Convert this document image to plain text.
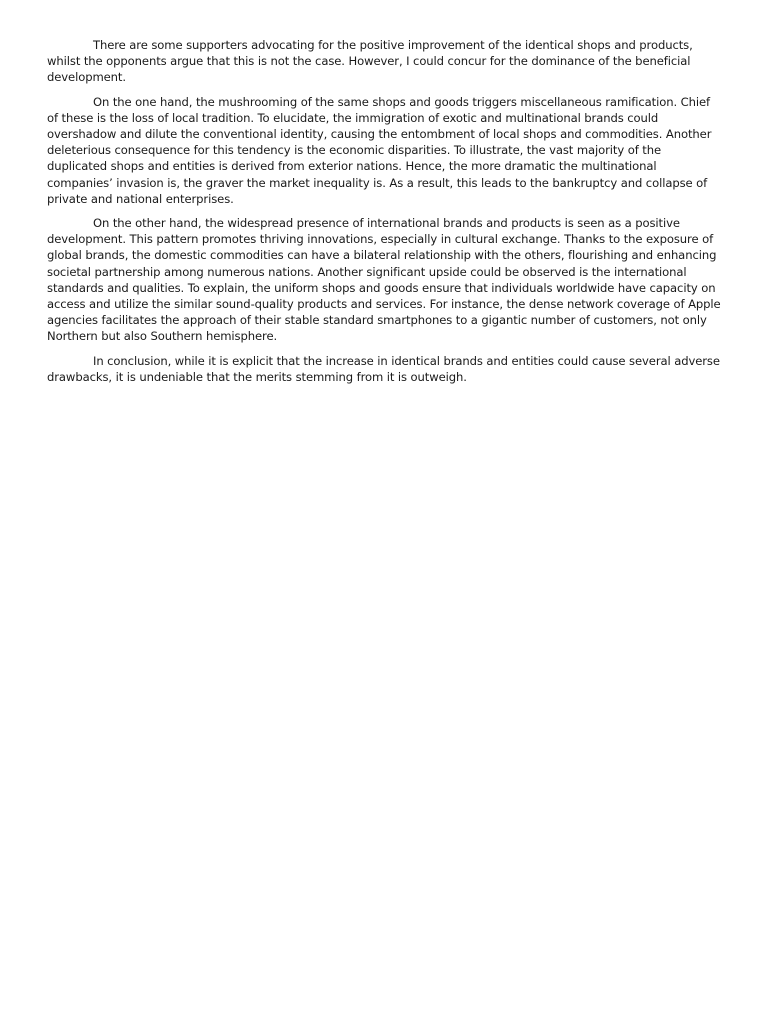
There are some supporters advocating for the positive improvement of the identical shops and products, whilst the opponents argue that this is not the case. However, I could concur for the dominance of the beneficial development.

On the one hand, the mushrooming of the same shops and goods triggers miscellaneous ramification. Chief of these is the loss of local tradition. To elucidate, the immigration of exotic and multinational brands could overshadow and dilute the conventional identity, causing the entombment of local shops and commodities. Another deleterious consequence for this tendency is the economic disparities. To illustrate, the vast majority of the duplicated shops and entities is derived from exterior nations. Hence, the more dramatic the multinational companies’ invasion is, the graver the market inequality is. As a result, this leads to the bankruptcy and collapse of private and national enterprises.

On the other hand, the widespread presence of international brands and products is seen as a positive development. This pattern promotes thriving innovations, especially in cultural exchange. Thanks to the exposure of global brands, the domestic commodities can have a bilateral relationship with the others, flourishing and enhancing societal partnership among numerous nations. Another significant upside could be observed is the international standards and qualities. To explain, the uniform shops and goods ensure that individuals worldwide have capacity on access and utilize the similar sound-quality products and services. For instance, the dense network coverage of Apple agencies facilitates the approach of their stable standard smartphones to a gigantic number of customers, not only Northern but also Southern hemisphere.

In conclusion, while it is explicit that the increase in identical brands and entities could cause several adverse drawbacks, it is undeniable that the merits stemming from it is outweigh.
